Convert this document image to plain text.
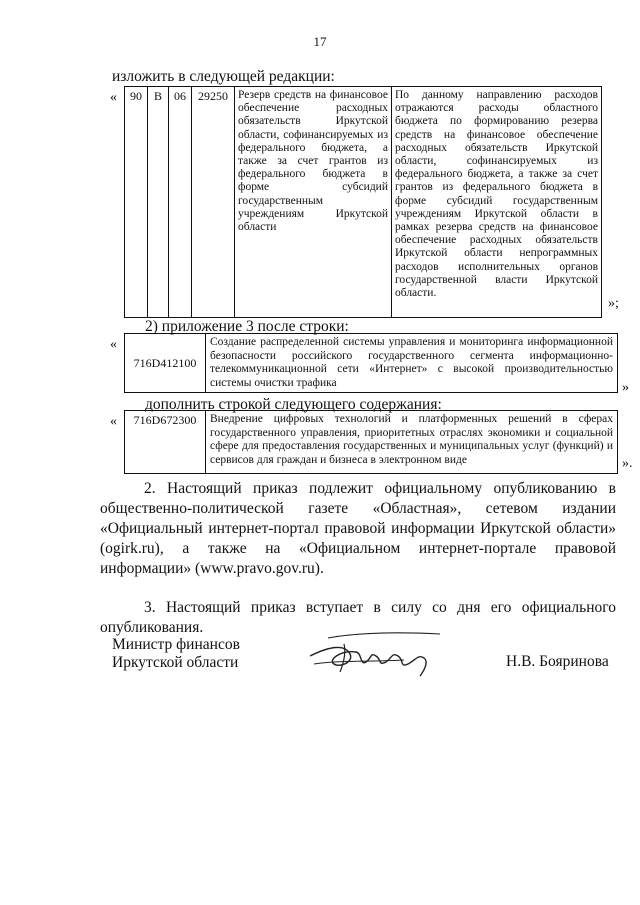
17
изложить в следующей редакции:
« 90	В	06	29250	Резерв средств на финансовое обеспечение расходных обязательств Иркутской области, софинансируемых из федерального бюджета, а также за счет грантов из федерального бюджета в форме субсидий государственным учреждениям Иркутской области	По данному направлению расходов отражаются расходы областного бюджета по формированию резерва средств на финансовое обеспечение расходных обязательств Иркутской области, софинансируемых из федерального бюджета, а также за счет грантов из федерального бюджета в форме субсидий государственным учреждениям Иркутской области в рамках резерва средств на финансовое обеспечение расходных обязательств Иркутской области непрограммных расходов исполнительных органов государственной власти Иркутской области.
»;
2) приложение 3 после строки:
«
716D412100	Создание распределенной системы управления и мониторинга информационной безопасности российского государственного сегмента информационно-телекоммуникационной сети «Интернет» с высокой производительностью системы очистки трафика	»
дополнить строкой следующего содержания:
« 716D672300	Внедрение цифровых технологий и платформенных решений в сферах государственного управления, приоритетных отраслях экономики и социальной сфере для предоставления государственных и муниципальных услуг (функций) и сервисов для граждан и бизнеса в электронном виде	».
2. Настоящий приказ подлежит официальному опубликованию в общественно-политической газете «Областная», сетевом издании «Официальный интернет-портал правовой информации Иркутской области» (ogirk.ru), а также на «Официальном интернет-портале правовой информации» (www.pravo.gov.ru).
3. Настоящий приказ вступает в силу со дня его официального опубликования.
Министр финансов
Иркутской области	Н.В. Бояринова
